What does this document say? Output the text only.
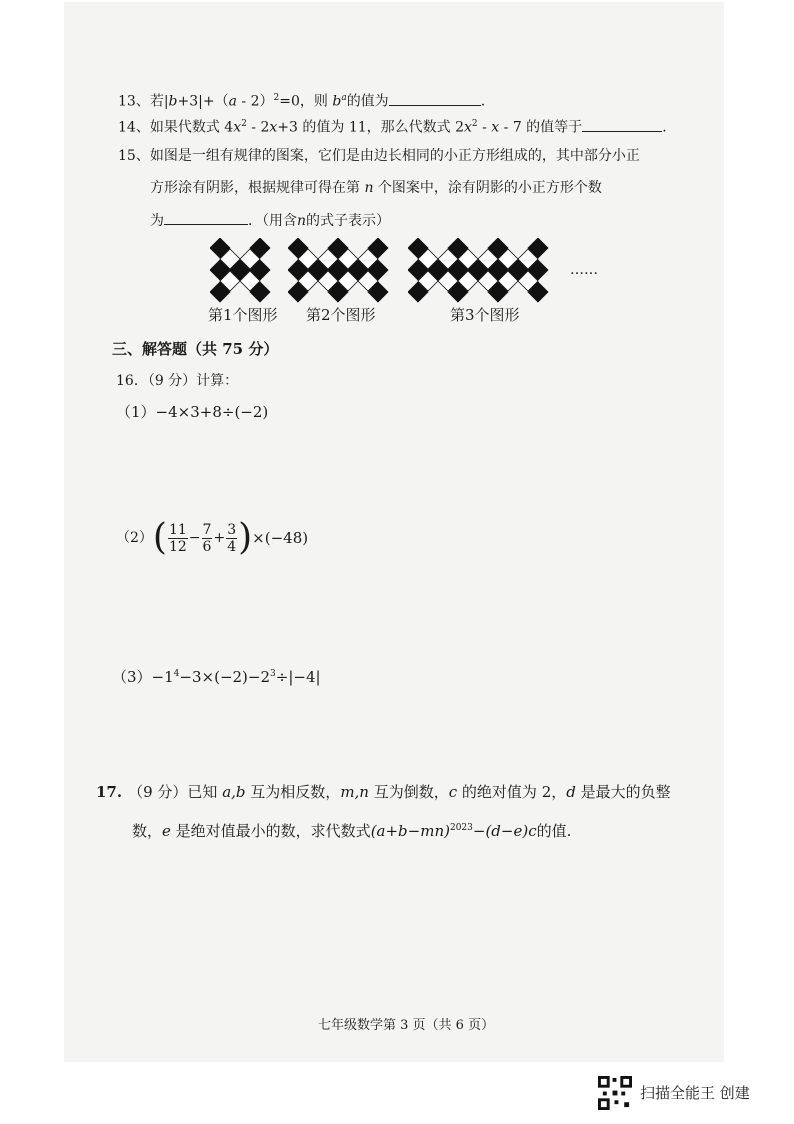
13、若|b+3|+（a - 2）$^2$=0，则 $b^a$的值为	.
14、如果代数式 $4x^2 - 2x+3$ 的值为 11，那么代数式 $2x^2$ - x - 7 的值等于	.
15、如图是一组有规律的图案，它们是由边长相同的小正方形组成的，其中部分小正
方形涂有阴影，根据规律可得在第 n 个图案中，涂有阴影的小正方形个数
为	．（用含n的式子表示）
……
第1个图形 第2个图形	第3个图形
三、解答题（共 75 分）
16．（9 分）计算：
（1）−4×3+8÷(−2)
$(2)( \frac{11}{12} - \frac{7}{6} + \frac{3}{4} )\times(-48)$
$(3)-1^4-3\times(-2)-2^3\div|-4|$
17. （9 分）已知 a,b 互为相反数，m,n 互为倒数，c 的绝对值为 2，d 是最大的负整
数，e 是绝对值最小的数，求代数式$(a+b-mn)^{2023}-(d-e)c$的值.
七年级数学第 3 页（共 6 页）
扫描全能王 创建
